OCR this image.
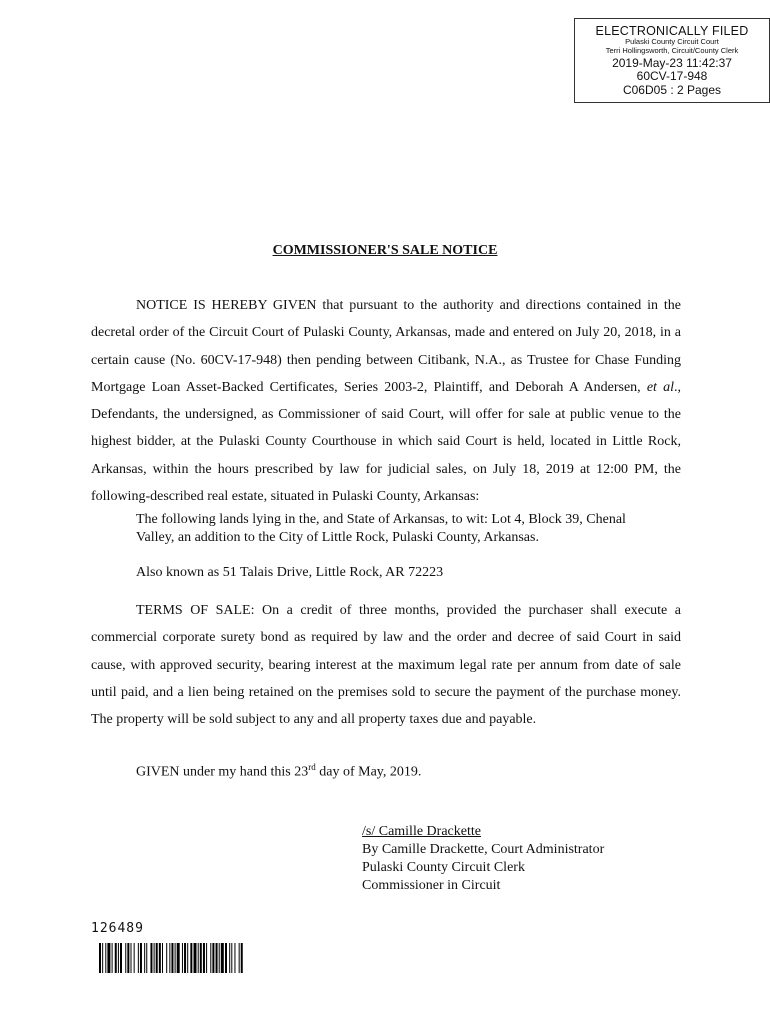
ELECTRONICALLY FILED
Pulaski County Circuit Court
Terri Hollingsworth, Circuit/County Clerk
2019-May-23 11:42:37
60CV-17-948
C06D05 : 2 Pages
COMMISSIONER'S SALE NOTICE
NOTICE IS HEREBY GIVEN that pursuant to the authority and directions contained in the decretal order of the Circuit Court of Pulaski County, Arkansas, made and entered on July 20, 2018, in a certain cause (No. 60CV-17-948) then pending between Citibank, N.A., as Trustee for Chase Funding Mortgage Loan Asset-Backed Certificates, Series 2003-2, Plaintiff, and Deborah A Andersen, et al., Defendants, the undersigned, as Commissioner of said Court, will offer for sale at public venue to the highest bidder, at the Pulaski County Courthouse in which said Court is held, located in Little Rock, Arkansas, within the hours prescribed by law for judicial sales, on July 18, 2019 at 12:00 PM, the following-described real estate, situated in Pulaski County, Arkansas:
The following lands lying in the, and State of Arkansas, to wit: Lot 4, Block 39, Chenal Valley, an addition to the City of Little Rock, Pulaski County, Arkansas.
Also known as 51 Talais Drive, Little Rock, AR 72223
TERMS OF SALE: On a credit of three months, provided the purchaser shall execute a commercial corporate surety bond as required by law and the order and decree of said Court in said cause, with approved security, bearing interest at the maximum legal rate per annum from date of sale until paid, and a lien being retained on the premises sold to secure the payment of the purchase money. The property will be sold subject to any and all property taxes due and payable.
GIVEN under my hand this 23rd day of May, 2019.
/s/ Camille Drackette
By Camille Drackette, Court Administrator
Pulaski County Circuit Clerk
Commissioner in Circuit
126489
